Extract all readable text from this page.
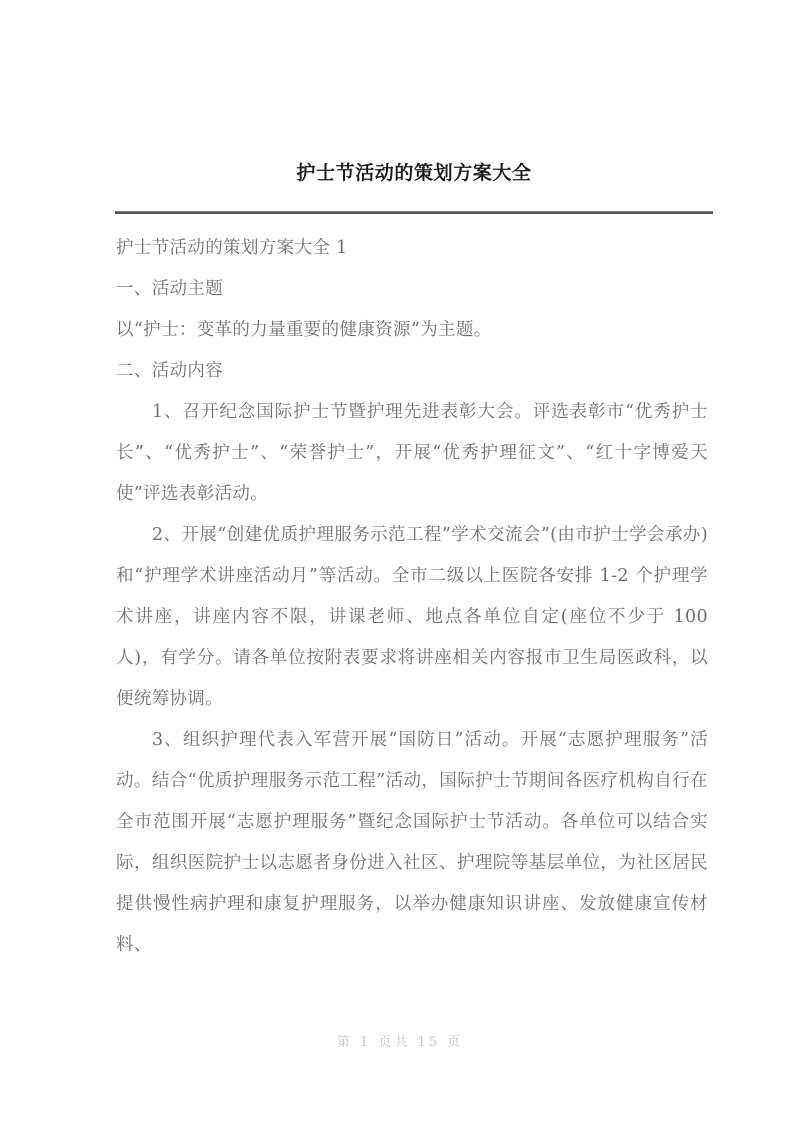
护士节活动的策划方案大全

护士节活动的策划方案大全 1

一、活动主题

以“护士：变革的力量重要的健康资源”为主题。

二、活动内容

1、召开纪念国际护士节暨护理先进表彰大会。评选表彰市“优秀护士长”、“优秀护士”、“荣誉护士”，开展“优秀护理征文”、“红十字博爱天使”评选表彰活动。

2、开展“创建优质护理服务示范工程”学术交流会”(由市护士学会承办)和“护理学术讲座活动月”等活动。全市二级以上医院各安排 1-2 个护理学术讲座，讲座内容不限，讲课老师、地点各单位自定(座位不少于 100 人)，有学分。请各单位按附表要求将讲座相关内容报市卫生局医政科，以便统筹协调。

3、组织护理代表入军营开展“国防日”活动。开展“志愿护理服务”活动。结合“优质护理服务示范工程”活动，国际护士节期间各医疗机构自行在全市范围开展“志愿护理服务”暨纪念国际护士节活动。各单位可以结合实际，组织医院护士以志愿者身份进入社区、护理院等基层单位，为社区居民提供慢性病护理和康复护理服务，以举办健康知识讲座、发放健康宣传材料、

第 1 页共 15 页
